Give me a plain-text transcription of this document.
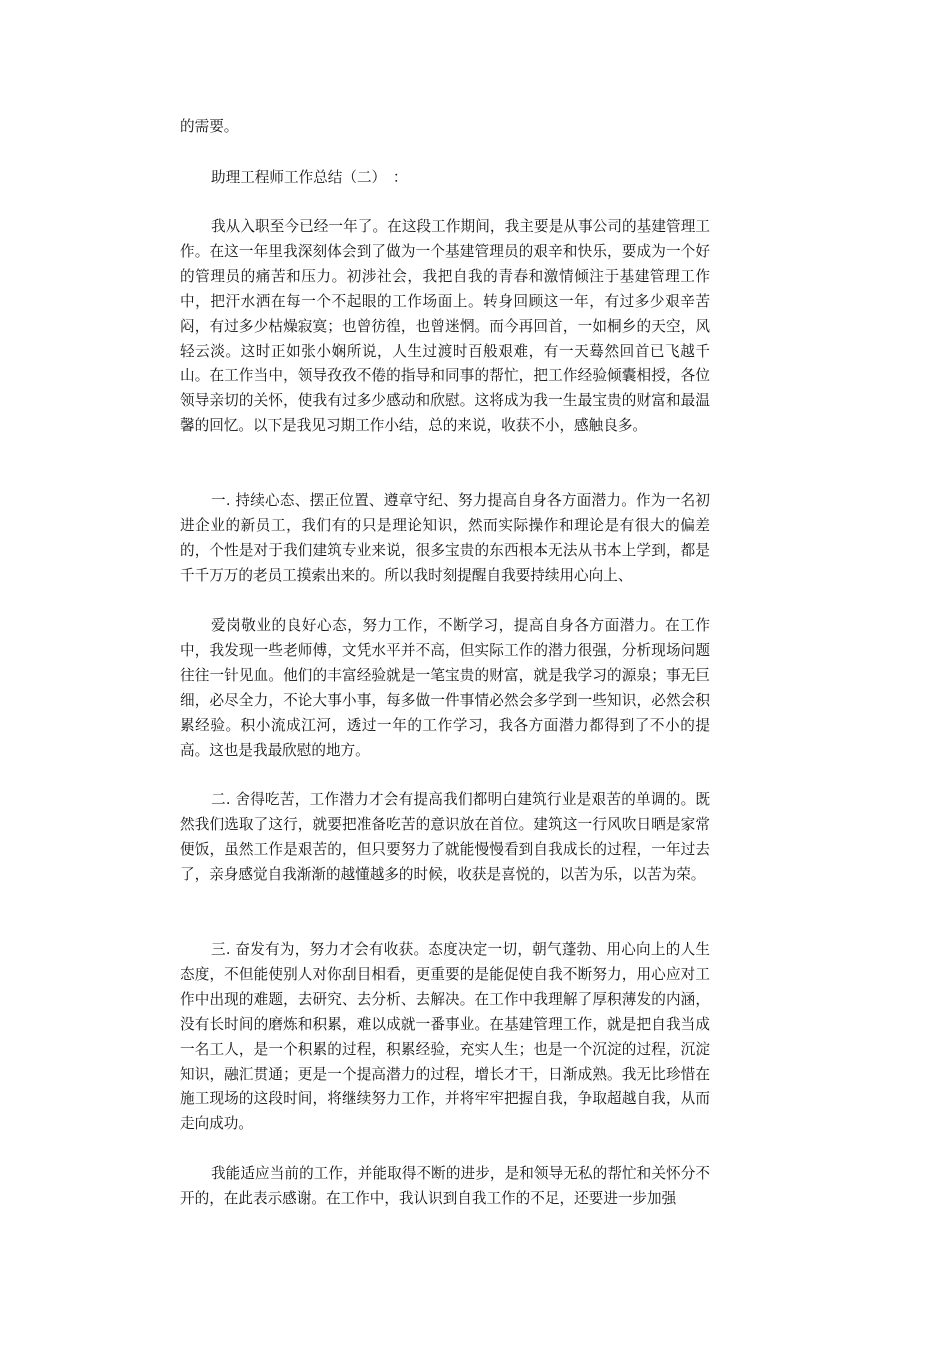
的需要。

助理工程师工作总结（二） ：

我从入职至今已经一年了。在这段工作期间，我主要是从事公司的基建管理工作。在这一年里我深刻体会到了做为一个基建管理员的艰辛和快乐，要成为一个好的管理员的痛苦和压力。初涉社会，我把自我的青春和激情倾注于基建管理工作中，把汗水洒在每一个不起眼的工作场面上。转身回顾这一年，有过多少艰辛苦闷，有过多少枯燥寂寞；也曾彷徨，也曾迷惘。而今再回首，一如桐乡的天空，风轻云淡。这时正如张小娴所说，人生过渡时百般艰难，有一天蓦然回首已飞越千山。在工作当中，领导孜孜不倦的指导和同事的帮忙，把工作经验倾囊相授，各位领导亲切的关怀，使我有过多少感动和欣慰。这将成为我一生最宝贵的财富和最温馨的回忆。以下是我见习期工作小结，总的来说，收获不小，感触良多。

一. 持续心态、摆正位置、遵章守纪、努力提高自身各方面潜力。作为一名初进企业的新员工，我们有的只是理论知识，然而实际操作和理论是有很大的偏差的，个性是对于我们建筑专业来说，很多宝贵的东西根本无法从书本上学到，都是千千万万的老员工摸索出来的。所以我时刻提醒自我要持续用心向上、

爱岗敬业的良好心态，努力工作，不断学习，提高自身各方面潜力。在工作中，我发现一些老师傅，文凭水平并不高，但实际工作的潜力很强，分析现场问题往往一针见血。他们的丰富经验就是一笔宝贵的财富，就是我学习的源泉；事无巨细，必尽全力，不论大事小事，每多做一件事情必然会多学到一些知识，必然会积累经验。积小流成江河，透过一年的工作学习，我各方面潜力都得到了不小的提高。这也是我最欣慰的地方。

二. 舍得吃苦，工作潜力才会有提高我们都明白建筑行业是艰苦的单调的。既然我们选取了这行，就要把准备吃苦的意识放在首位。建筑这一行风吹日晒是家常便饭，虽然工作是艰苦的，但只要努力了就能慢慢看到自我成长的过程，一年过去了，亲身感觉自我渐渐的越懂越多的时候，收获是喜悦的，以苦为乐，以苦为荣。

三. 奋发有为，努力才会有收获。态度决定一切，朝气蓬勃、用心向上的人生态度，不但能使别人对你刮目相看，更重要的是能促使自我不断努力，用心应对工作中出现的难题，去研究、去分析、去解决。在工作中我理解了厚积薄发的内涵，没有长时间的磨炼和积累，难以成就一番事业。在基建管理工作，就是把自我当成一名工人，是一个积累的过程，积累经验，充实人生；也是一个沉淀的过程，沉淀知识，融汇贯通；更是一个提高潜力的过程，增长才干，日渐成熟。我无比珍惜在施工现场的这段时间，将继续努力工作，并将牢牢把握自我，争取超越自我，从而走向成功。

我能适应当前的工作，并能取得不断的进步，是和领导无私的帮忙和关怀分不开的，在此表示感谢。在工作中，我认识到自我工作的不足，还要进一步加强
